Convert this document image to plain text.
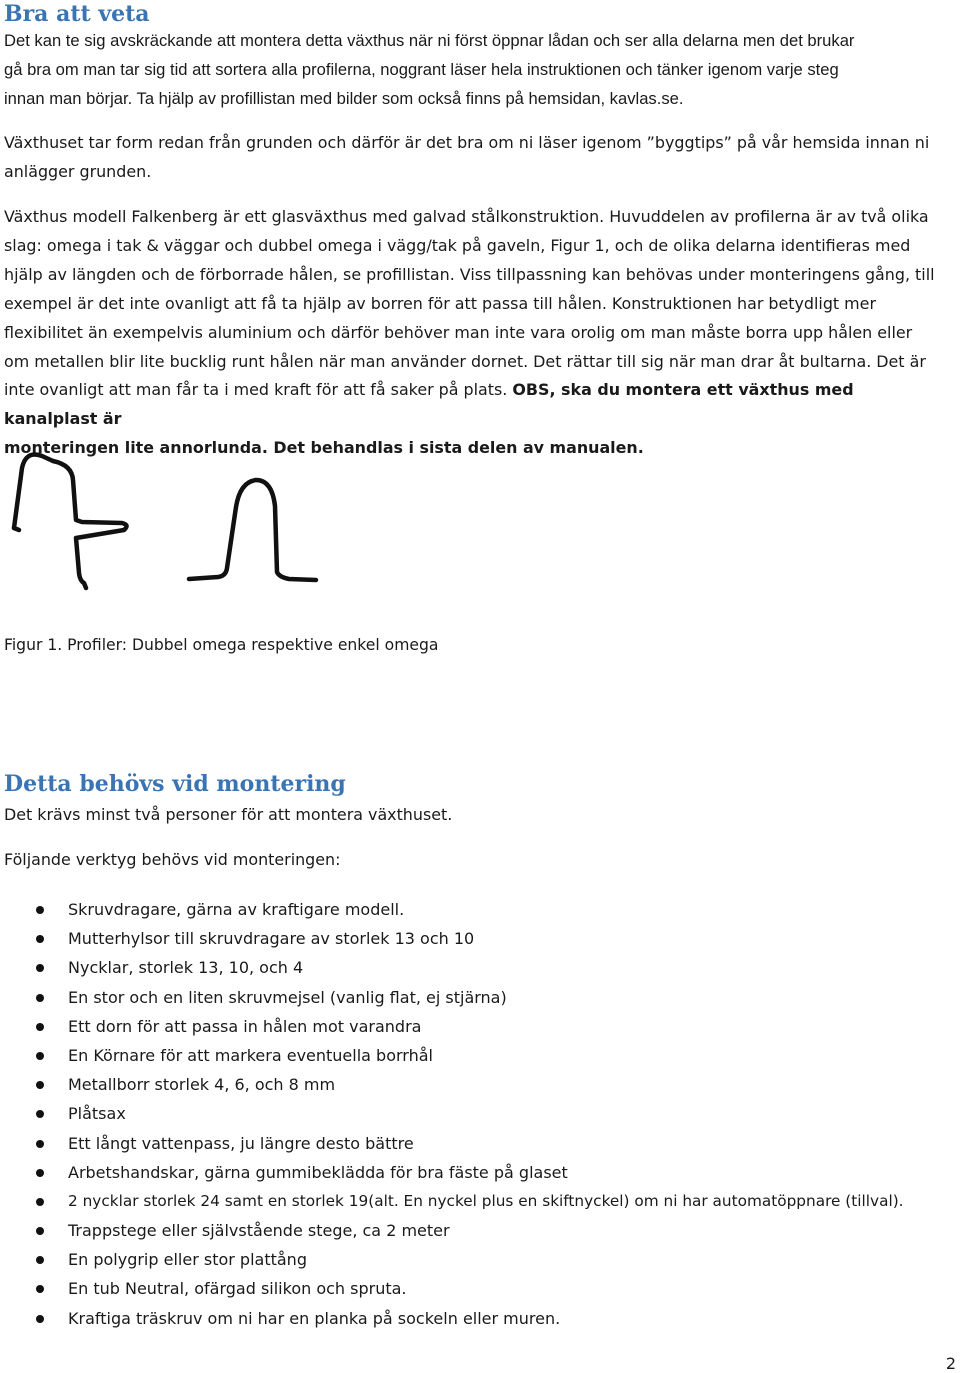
Bra att veta

Det kan te sig avskräckande att montera detta växthus när ni först öppnar lådan och ser alla delarna men det brukar
gå bra om man tar sig tid att sortera alla profilerna, noggrant läser hela instruktionen och tänker igenom varje steg
innan man börjar. Ta hjälp av profillistan med bilder som också finns på hemsidan, kavlas.se.

Växthuset tar form redan från grunden och därför är det bra om ni läser igenom ”byggtips” på vår hemsida innan ni
anlägger grunden.

Växthus modell Falkenberg är ett glasväxthus med galvad stålkonstruktion. Huvuddelen av profilerna är av två olika
slag: omega i tak & väggar och dubbel omega i vägg/tak på gaveln, Figur 1, och de olika delarna identifieras med
hjälp av längden och de förborrade hålen, se profillistan. Viss tillpassning kan behövas under monteringens gång, till
exempel är det inte ovanligt att få ta hjälp av borren för att passa till hålen. Konstruktionen har betydligt mer
flexibilitet än exempelvis aluminium och därför behöver man inte vara orolig om man måste borra upp hålen eller
om metallen blir lite bucklig runt hålen när man använder dornet. Det rättar till sig när man drar åt bultarna. Det är
inte ovanligt att man får ta i med kraft för att få saker på plats. OBS, ska du montera ett växthus med kanalplast är
monteringen lite annorlunda. Det behandlas i sista delen av manualen.

Figur 1. Profiler: Dubbel omega respektive enkel omega

Detta behövs vid montering

Det krävs minst två personer för att montera växthuset.

Följande verktyg behövs vid monteringen:

Skruvdragare, gärna av kraftigare modell.
Mutterhylsor till skruvdragare av storlek 13 och 10
Nycklar, storlek 13, 10, och 4
En stor och en liten skruvmejsel (vanlig flat, ej stjärna)
Ett dorn för att passa in hålen mot varandra
En Körnare för att markera eventuella borrhål
Metallborr storlek 4, 6, och 8 mm
Plåtsax
Ett långt vattenpass, ju längre desto bättre
Arbetshandskar, gärna gummibeklädda för bra fäste på glaset
2 nycklar storlek 24 samt en storlek 19(alt. En nyckel plus en skiftnyckel) om ni har automatöppnare (tillval).
Trappstege eller självstående stege, ca 2 meter
En polygrip eller stor plattång
En tub Neutral, ofärgad silikon och spruta.
Kraftiga träskruv om ni har en planka på sockeln eller muren.

2
